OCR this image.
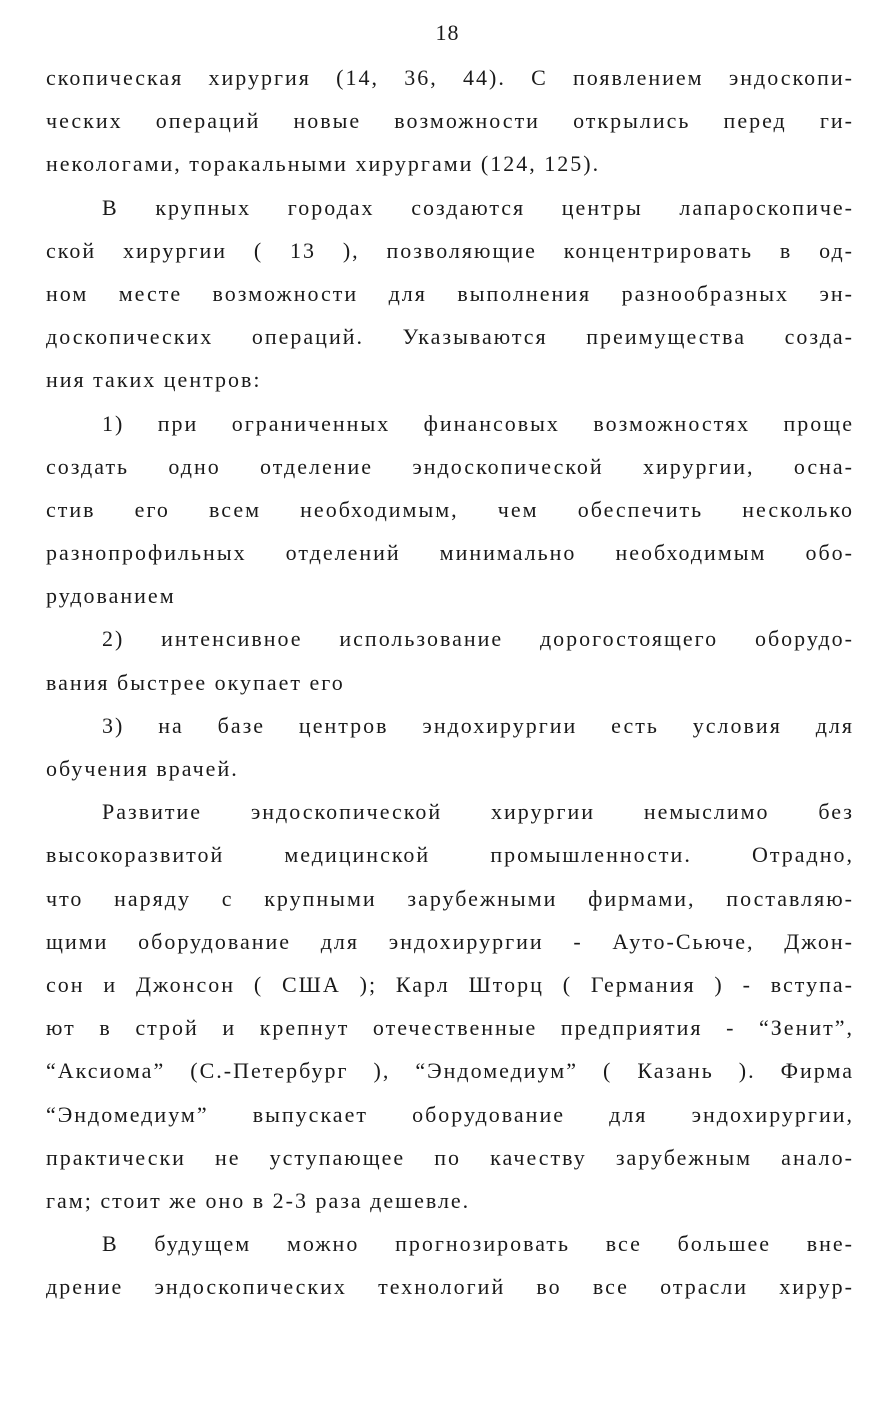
18
скопическая хирургия (14, 36, 44). С появлением эндоскопи-
ческих операций новые возможности открылись перед ги-
некологами, торакальными хирургами (124, 125).
В крупных городах создаются центры лапароскопиче-
ской хирургии ( 13 ), позволяющие концентрировать в од-
ном месте возможности для выполнения разнообразных эн-
доскопических операций. Указываются преимущества созда-
ния таких центров:
1) при ограниченных финансовых возможностях проще
создать одно отделение эндоскопической хирургии, осна-
стив его всем необходимым, чем обеспечить несколько
разнопрофильных отделений минимально необходимым обо-
рудованием
2) интенсивное использование дорогостоящего оборудо-
вания быстрее окупает его
3) на базе центров эндохирургии есть условия для
обучения врачей.
Развитие эндоскопической хирургии немыслимо без
высокоразвитой медицинской промышленности. Отрадно,
что наряду с крупными зарубежными фирмами, поставляю-
щими оборудование для эндохирургии - Ауто-Сьюче, Джон-
сон и Джонсон ( США ); Карл Шторц ( Германия ) - вступа-
ют в строй и крепнут отечественные предприятия - “Зенит”,
“Аксиома” (С.-Петербург ), “Эндомедиум” ( Казань ). Фирма
“Эндомедиум” выпускает оборудование для эндохирургии,
практически не уступающее по качеству зарубежным анало-
гам; стоит же оно в 2-3 раза дешевле.
В будущем можно прогнозировать все большее вне-
дрение эндоскопических технологий во все отрасли хирур-
